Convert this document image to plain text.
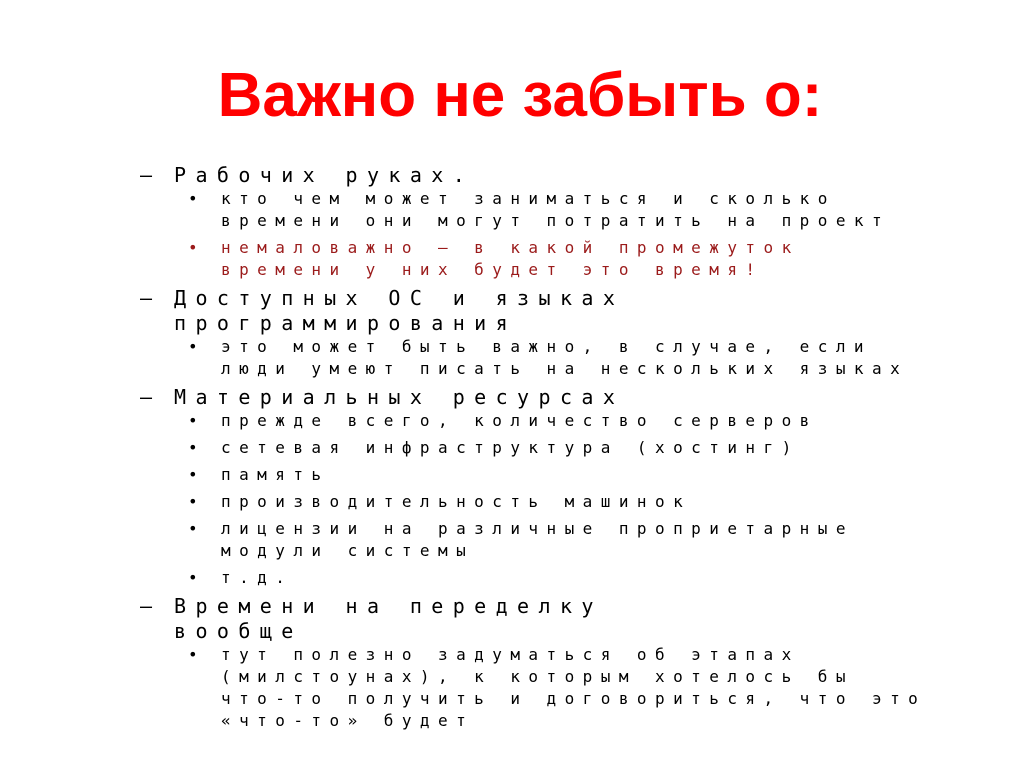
Важно не забыть о:
– Рабочих руках.
• кто чем может заниматься и сколько времени они могут потратить на проект
• немаловажно – в какой промежуток времени у них будет это время!
– Доступных ОС и языках программирования
• это может быть важно, в случае, если люди умеют писать на нескольких языках
– Материальных ресурсах
• прежде всего, количество серверов
• сетевая инфраструктура (хостинг)
• память
• производительность машинок
• лицензии на различные проприетарные модули системы
• т.д.
– Времени на переделку вообще
• тут полезно задуматься об этапах (милстоунах), к которым хотелось бы что-то получить и договориться, что это «что-то» будет
